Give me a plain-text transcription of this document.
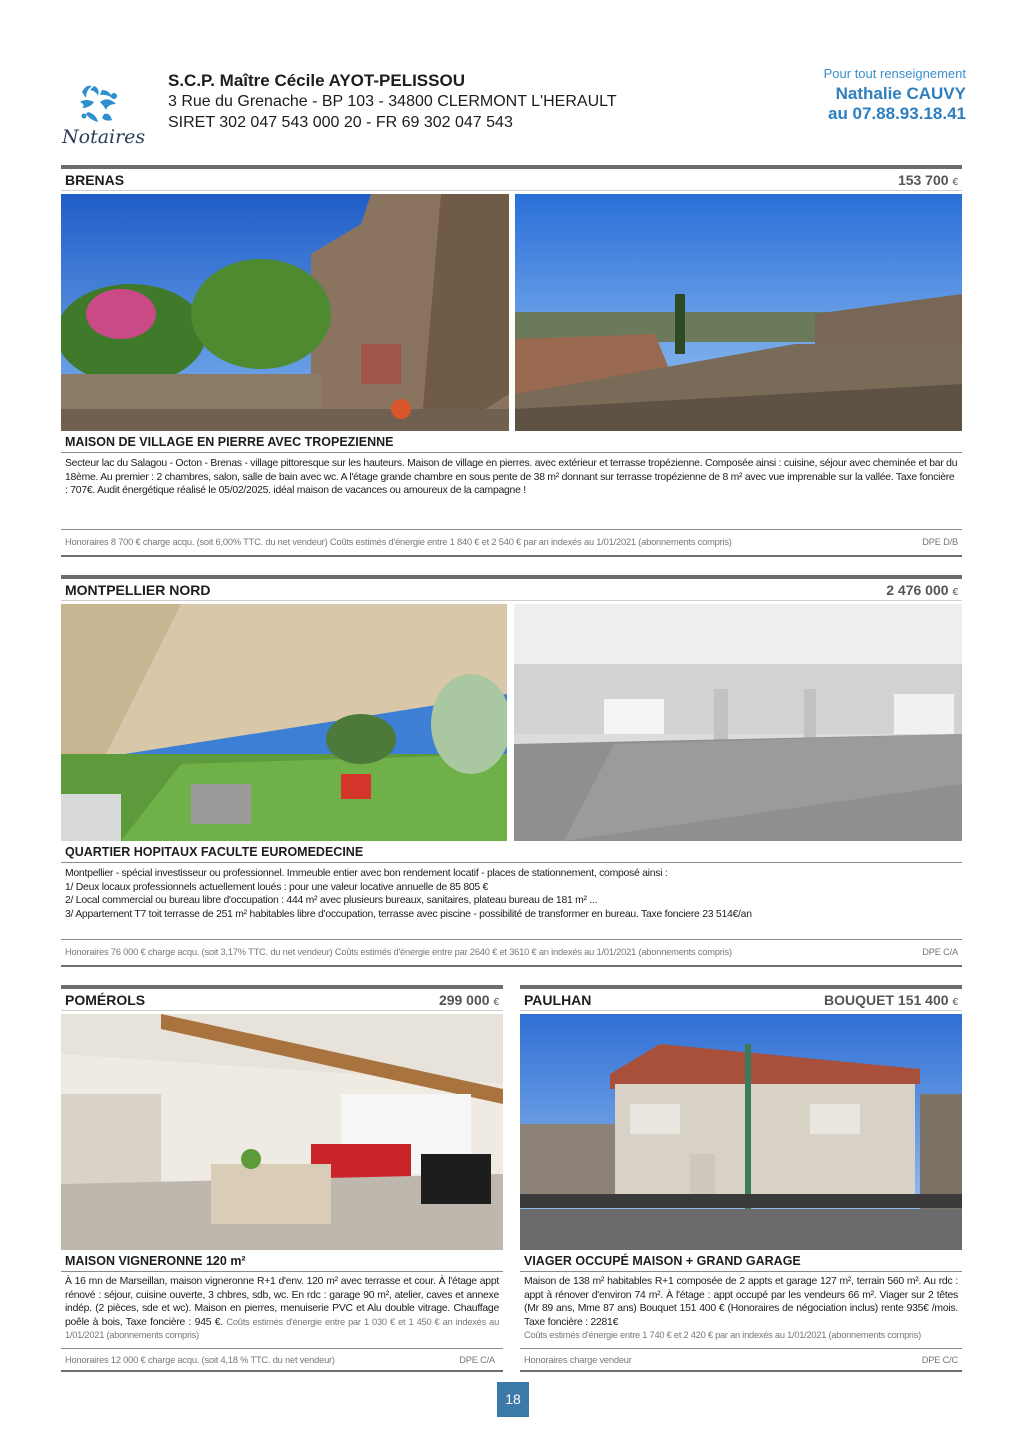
Notaires
S.C.P. Maître Cécile AYOT-PELISSOU
3 Rue du Grenache - BP 103 - 34800 CLERMONT L'HERAULT
SIRET 302 047 543 000 20 - FR 69 302 047 543
Pour tout renseignement
Nathalie CAUVY
au 07.88.93.18.41
BRENAS	153 700 €
MAISON DE VILLAGE EN PIERRE AVEC TROPEZIENNE
Secteur lac du Salagou - Octon - Brenas - village pittoresque sur les hauteurs. Maison de village en pierres. avec extérieur et terrasse tropézienne. Composée ainsi : cuisine, séjour avec cheminée et bar du 18ème. Au premier : 2 chambres, salon, salle de bain avec wc. A l'étage grande chambre en sous pente de 38 m² donnant sur terrasse tropézienne de 8 m² avec vue imprenable sur la vallée. Taxe foncière : 707€. Audit énergétique réalisé le 05/02/2025. idéal maison de vacances ou amoureux de la campagne !
Honoraires 8 700 € charge acqu. (soit 6,00% TTC. du net vendeur) Coûts estimés d'énergie entre 1 840 € et 2 540 € par an indexés au 1/01/2021 (abonnements compris)	DPE D/B
MONTPELLIER NORD	2 476 000 €
QUARTIER HOPITAUX FACULTE EUROMEDECINE
Montpellier - spécial investisseur ou professionnel. Immeuble entier avec bon rendement locatif - places de stationnement, composé ainsi :
1/ Deux locaux professionnels actuellement loués : pour une valeur locative annuelle de 85 805 €
2/ Local commercial ou bureau libre d'occupation : 444 m² avec plusieurs bureaux, sanitaires, plateau bureau de 181 m² ...
3/ Appartement T7 toit terrasse de 251 m² habitables libre d'occupation, terrasse avec piscine - possibilité de transformer en bureau. Taxe fonciere 23 514€/an
Honoraires 76 000 € charge acqu. (soit 3,17% TTC. du net vendeur) Coûts estimés d'énergie entre par 2640 € et 3610 € an indexés au 1/01/2021 (abonnements compris)	DPE C/A
POMÉROLS	299 000 €
MAISON VIGNERONNE 120 m²
À 16 mn de Marseillan, maison vigneronne R+1 d'env. 120 m² avec terrasse et cour. À l'étage appt rénové : séjour, cuisine ouverte, 3 chbres, sdb, wc. En rdc : garage 90 m², atelier, caves et annexe indép. (2 pièces, sde et wc). Maison en pierres, menuiserie PVC et Alu double vitrage. Chauffage poêle à bois, Taxe foncière : 945 €. Coûts estimés d'énergie entre par 1 030 € et 1 450 € an indexés au 1/01/2021 (abonnements compris)
Honoraires 12 000 € charge acqu. (soit 4,18 % TTC. du net vendeur)	DPE C/A
PAULHAN	BOUQUET 151 400 €
VIAGER OCCUPÉ MAISON + GRAND GARAGE
Maison de 138 m² habitables R+1 composée de 2 appts et garage 127 m², terrain 560 m². Au rdc : appt à rénover d'environ 74 m². À l'étage : appt occupé par les vendeurs 66 m². Viager sur 2 têtes (Mr 89 ans, Mme 87 ans) Bouquet 151 400 € (Honoraires de négociation inclus) rente 935€ /mois. Taxe foncière : 2281€
Coûts estimés d'énergie entre 1 740 € et 2 420 € par an indexés au 1/01/2021 (abonnements compris)
Honoraires charge vendeur	DPE C/C
18
